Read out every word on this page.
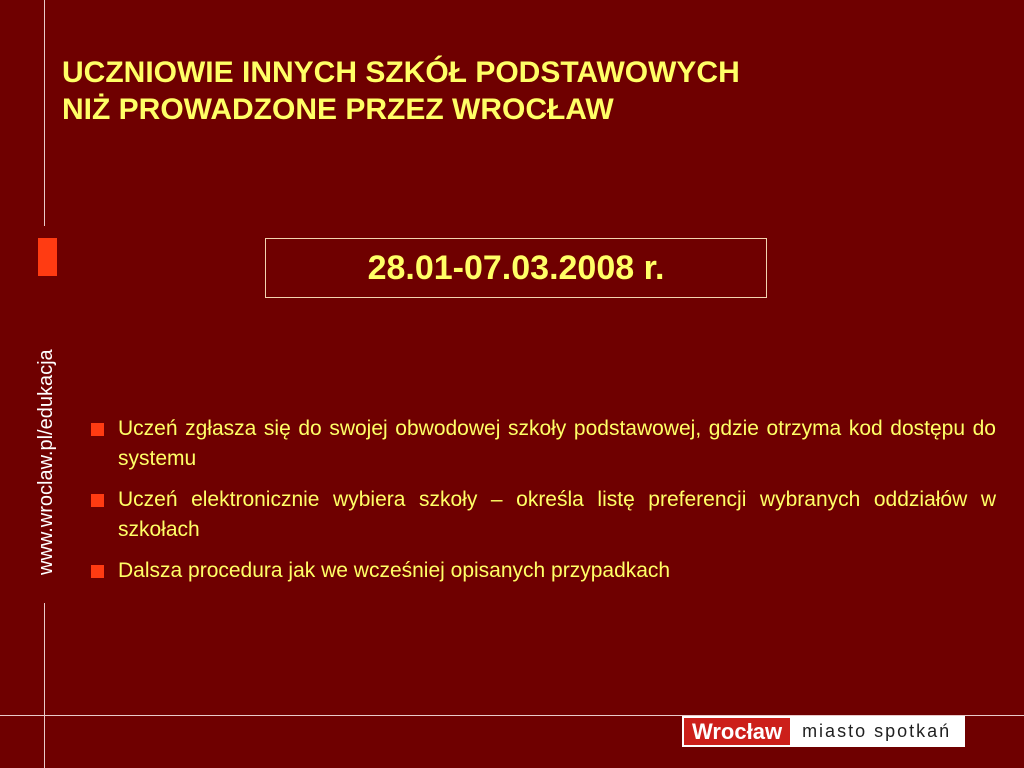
www.wroclaw.pl/edukacja
UCZNIOWIE INNYCH SZKÓŁ PODSTAWOWYCH
NIŻ PROWADZONE PRZEZ WROCŁAW
28.01-07.03.2008 r.
Uczeń zgłasza się do swojej obwodowej szkoły podstawowej, gdzie otrzyma kod dostępu do systemu
Uczeń elektronicznie wybiera szkoły – określa listę preferencji wybranych oddziałów w szkołach
Dalsza procedura jak we wcześniej opisanych przypadkach
Wrocław	miasto spotkań
